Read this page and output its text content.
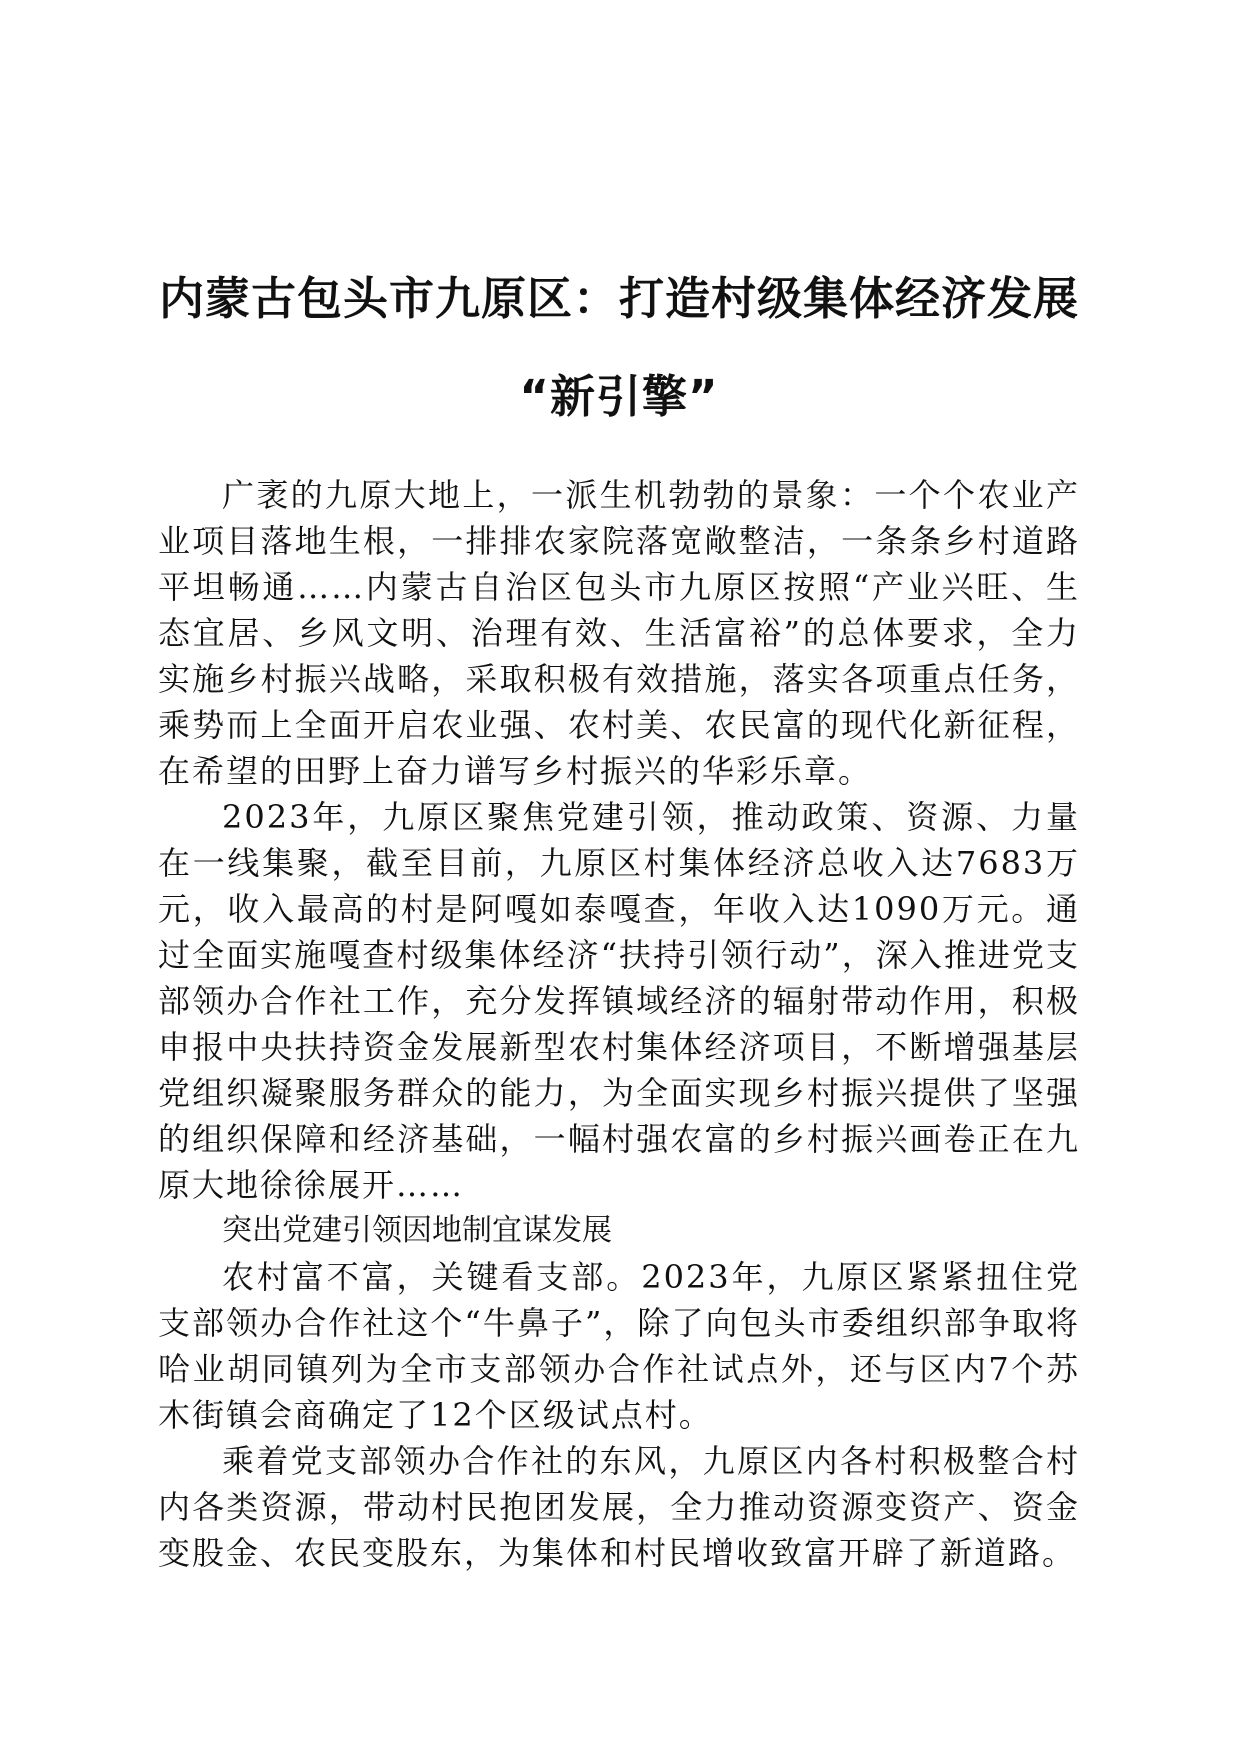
内蒙古包头市九原区：打造村级集体经济发展
“新引擎”

广袤的九原大地上，一派生机勃勃的景象：一个个农业产业项目落地生根，一排排农家院落宽敞整洁，一条条乡村道路平坦畅通……内蒙古自治区包头市九原区按照“产业兴旺、生态宜居、乡风文明、治理有效、生活富裕”的总体要求，全力实施乡村振兴战略，采取积极有效措施，落实各项重点任务，乘势而上全面开启农业强、农村美、农民富的现代化新征程，在希望的田野上奋力谱写乡村振兴的华彩乐章。

2023年，九原区聚焦党建引领，推动政策、资源、力量在一线集聚，截至目前，九原区村集体经济总收入达7683万元，收入最高的村是阿嘎如泰嘎查，年收入达1090万元。通过全面实施嘎查村级集体经济“扶持引领行动”，深入推进党支部领办合作社工作，充分发挥镇域经济的辐射带动作用，积极申报中央扶持资金发展新型农村集体经济项目，不断增强基层党组织凝聚服务群众的能力，为全面实现乡村振兴提供了坚强的组织保障和经济基础，一幅村强农富的乡村振兴画卷正在九原大地徐徐展开……

突出党建引领因地制宜谋发展

农村富不富，关键看支部。2023年，九原区紧紧扭住党支部领办合作社这个“牛鼻子”，除了向包头市委组织部争取将哈业胡同镇列为全市支部领办合作社试点外，还与区内7个苏木街镇会商确定了12个区级试点村。

乘着党支部领办合作社的东风，九原区内各村积极整合村内各类资源，带动村民抱团发展，全力推动资源变资产、资金变股金、农民变股东，为集体和村民增收致富开辟了新道路。
